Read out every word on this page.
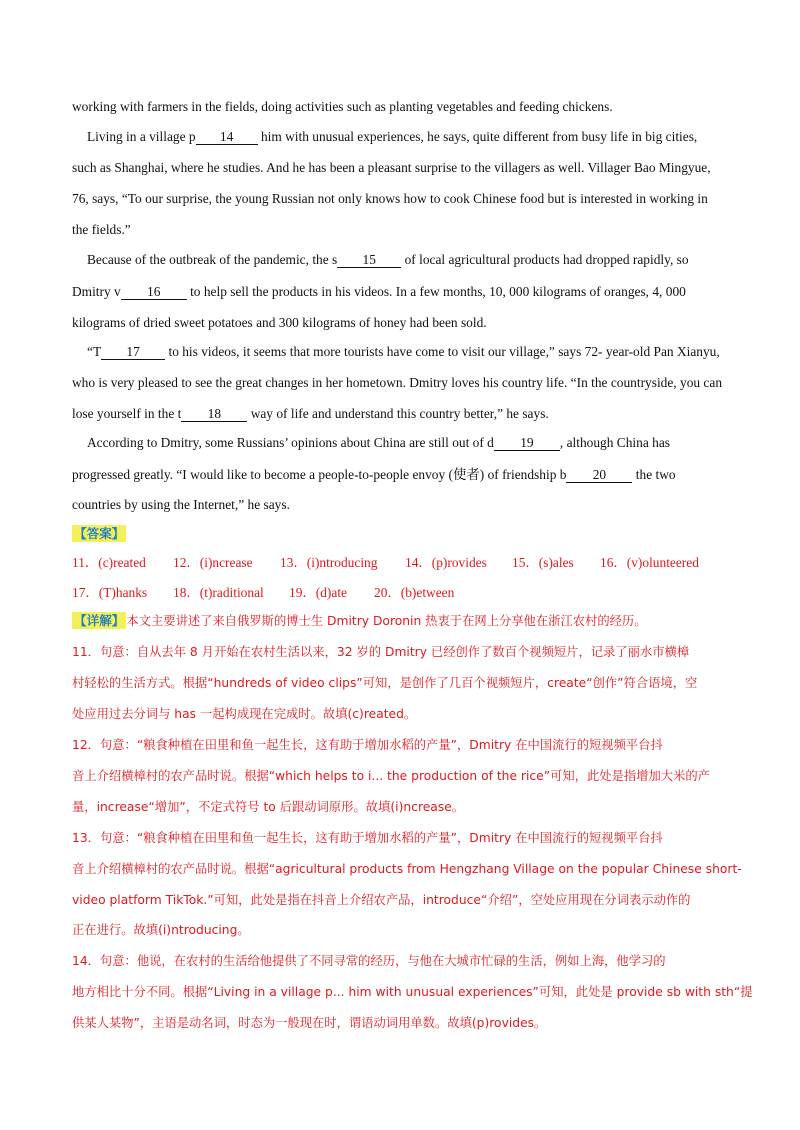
working with farmers in the fields, doing activities such as planting vegetables and feeding chickens.
Living in a village p 14 him with unusual experiences, he says, quite different from busy life in big cities,
such as Shanghai, where he studies. And he has been a pleasant surprise to the villagers as well. Villager Bao Mingyue,
76, says, “To our surprise, the young Russian not only knows how to cook Chinese food but is interested in working in
the fields.”
Because of the outbreak of the pandemic, the s 15 of local agricultural products had dropped rapidly, so
Dmitry v 16 to help sell the products in his videos. In a few months, 10, 000 kilograms of oranges, 4, 000
kilograms of dried sweet potatoes and 300 kilograms of honey had been sold.
“T 17 to his videos, it seems that more tourists have come to visit our village,” says 72- year-old Pan Xianyu,
who is very pleased to see the great changes in her hometown. Dmitry loves his country life. “In the countryside, you can
lose yourself in the t 18 way of life and understand this country better,” he says.
According to Dmitry, some Russians’ opinions about China are still out of d 19 , although China has
progressed greatly. “I would like to become a people-to-people envoy (使者) of friendship b 20 the two
countries by using the Internet,” he says.
【答案】
11．(c)reated 12．(i)ncrease 13．(i)ntroducing 14．(p)rovides 15．(s)ales 16．(v)olunteered
17．(T)hanks 18．(t)raditional 19．(d)ate 20．(b)etween
【详解】 本文主要讲述了来自俄罗斯的博士生 Dmitry Doronin 热衷于在网上分享他在浙江农村的经历。
11．句意：自从去年 8 月开始在农村生活以来，32 岁的 Dmitry 已经创作了数百个视频短片，记录了丽水市横樟
村轻松的生活方式。根据“hundreds of video clips”可知，是创作了几百个视频短片，create“创作”符合语境，空
处应用过去分词与 has 一起构成现在完成时。故填(c)reated。
12．句意：“粮食种植在田里和鱼一起生长，这有助于增加水稻的产量”，Dmitry 在中国流行的短视频平台抖
音上介绍横樟村的农产品时说。根据“which helps to i... the production of the rice”可知，此处是指增加大米的产
量，increase“增加”，不定式符号 to 后跟动词原形。故填(i)ncrease。
13．句意：“粮食种植在田里和鱼一起生长，这有助于增加水稻的产量”，Dmitry 在中国流行的短视频平台抖
音上介绍横樟村的农产品时说。根据“agricultural products from Hengzhang Village on the popular Chinese short-
video platform TikTok.”可知，此处是指在抖音上介绍农产品，introduce“介绍”，空处应用现在分词表示动作的
正在进行。故填(i)ntroducing。
14．句意：他说，在农村的生活给他提供了不同寻常的经历，与他在大城市忙碌的生活，例如上海，他学习的
地方相比十分不同。根据“Living in a village p... him with unusual experiences”可知，此处是 provide sb with sth“提
供某人某物”，主语是动名词，时态为一般现在时，谓语动词用单数。故填(p)rovides。
